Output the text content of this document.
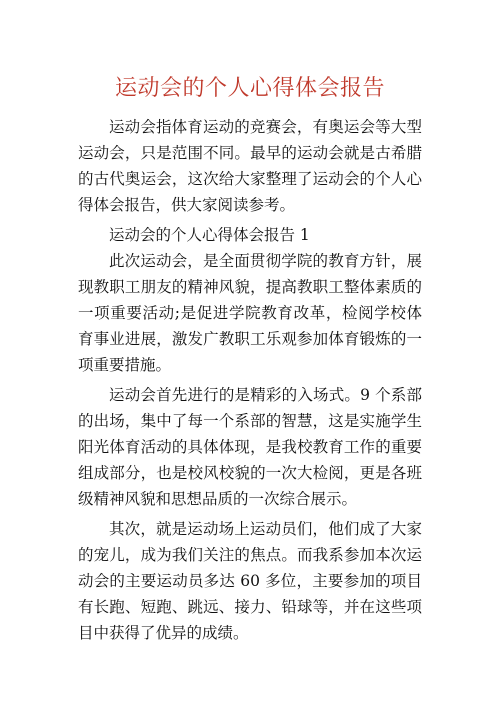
运动会的个人心得体会报告

运动会指体育运动的竞赛会，有奥运会等大型运动会，只是范围不同。最早的运动会就是古希腊的古代奥运会，这次给大家整理了运动会的个人心得体会报告，供大家阅读参考。

运动会的个人心得体会报告 1

此次运动会，是全面贯彻学院的教育方针，展现教职工朋友的精神风貌，提高教职工整体素质的一项重要活动;是促进学院教育改革，检阅学校体育事业进展，激发广教职工乐观参加体育锻炼的一项重要措施。

运动会首先进行的是精彩的入场式。9 个系部的出场，集中了每一个系部的智慧，这是实施学生阳光体育活动的具体体现，是我校教育工作的重要组成部分，也是校风校貌的一次大检阅，更是各班级精神风貌和思想品质的一次综合展示。

其次，就是运动场上运动员们，他们成了大家的宠儿，成为我们关注的焦点。而我系参加本次运动会的主要运动员多达 60 多位，主要参加的项目有长跑、短跑、跳远、接力、铅球等，并在这些项目中获得了优异的成绩。
